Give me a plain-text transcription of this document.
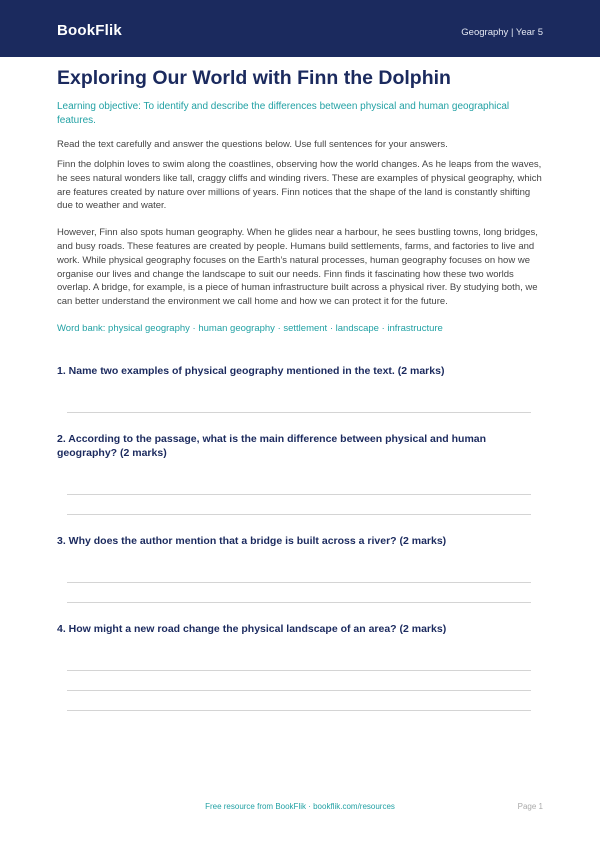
BookFlik	Geography | Year 5
Exploring Our World with Finn the Dolphin

Learning objective: To identify and describe the differences between physical and human geographical features.

Read the text carefully and answer the questions below. Use full sentences for your answers.

Finn the dolphin loves to swim along the coastlines, observing how the world changes. As he leaps from the waves, he sees natural wonders like tall, craggy cliffs and winding rivers. These are examples of physical geography, which are features created by nature over millions of years. Finn notices that the shape of the land is constantly shifting due to weather and water.

However, Finn also spots human geography. When he glides near a harbour, he sees bustling towns, long bridges, and busy roads. These features are created by people. Humans build settlements, farms, and factories to live and work. While physical geography focuses on the Earth’s natural processes, human geography focuses on how we organise our lives and change the landscape to suit our needs. Finn finds it fascinating how these two worlds overlap. A bridge, for example, is a piece of human infrastructure built across a physical river. By studying both, we can better understand the environment we call home and how we can protect it for the future.

Word bank: physical geography · human geography · settlement · landscape · infrastructure

1. Name two examples of physical geography mentioned in the text. (2 marks)

2. According to the passage, what is the main difference between physical and human geography? (2 marks)

3. Why does the author mention that a bridge is built across a river? (2 marks)

4. How might a new road change the physical landscape of an area? (2 marks)

Free resource from BookFlik · bookflik.com/resources	Page 1
